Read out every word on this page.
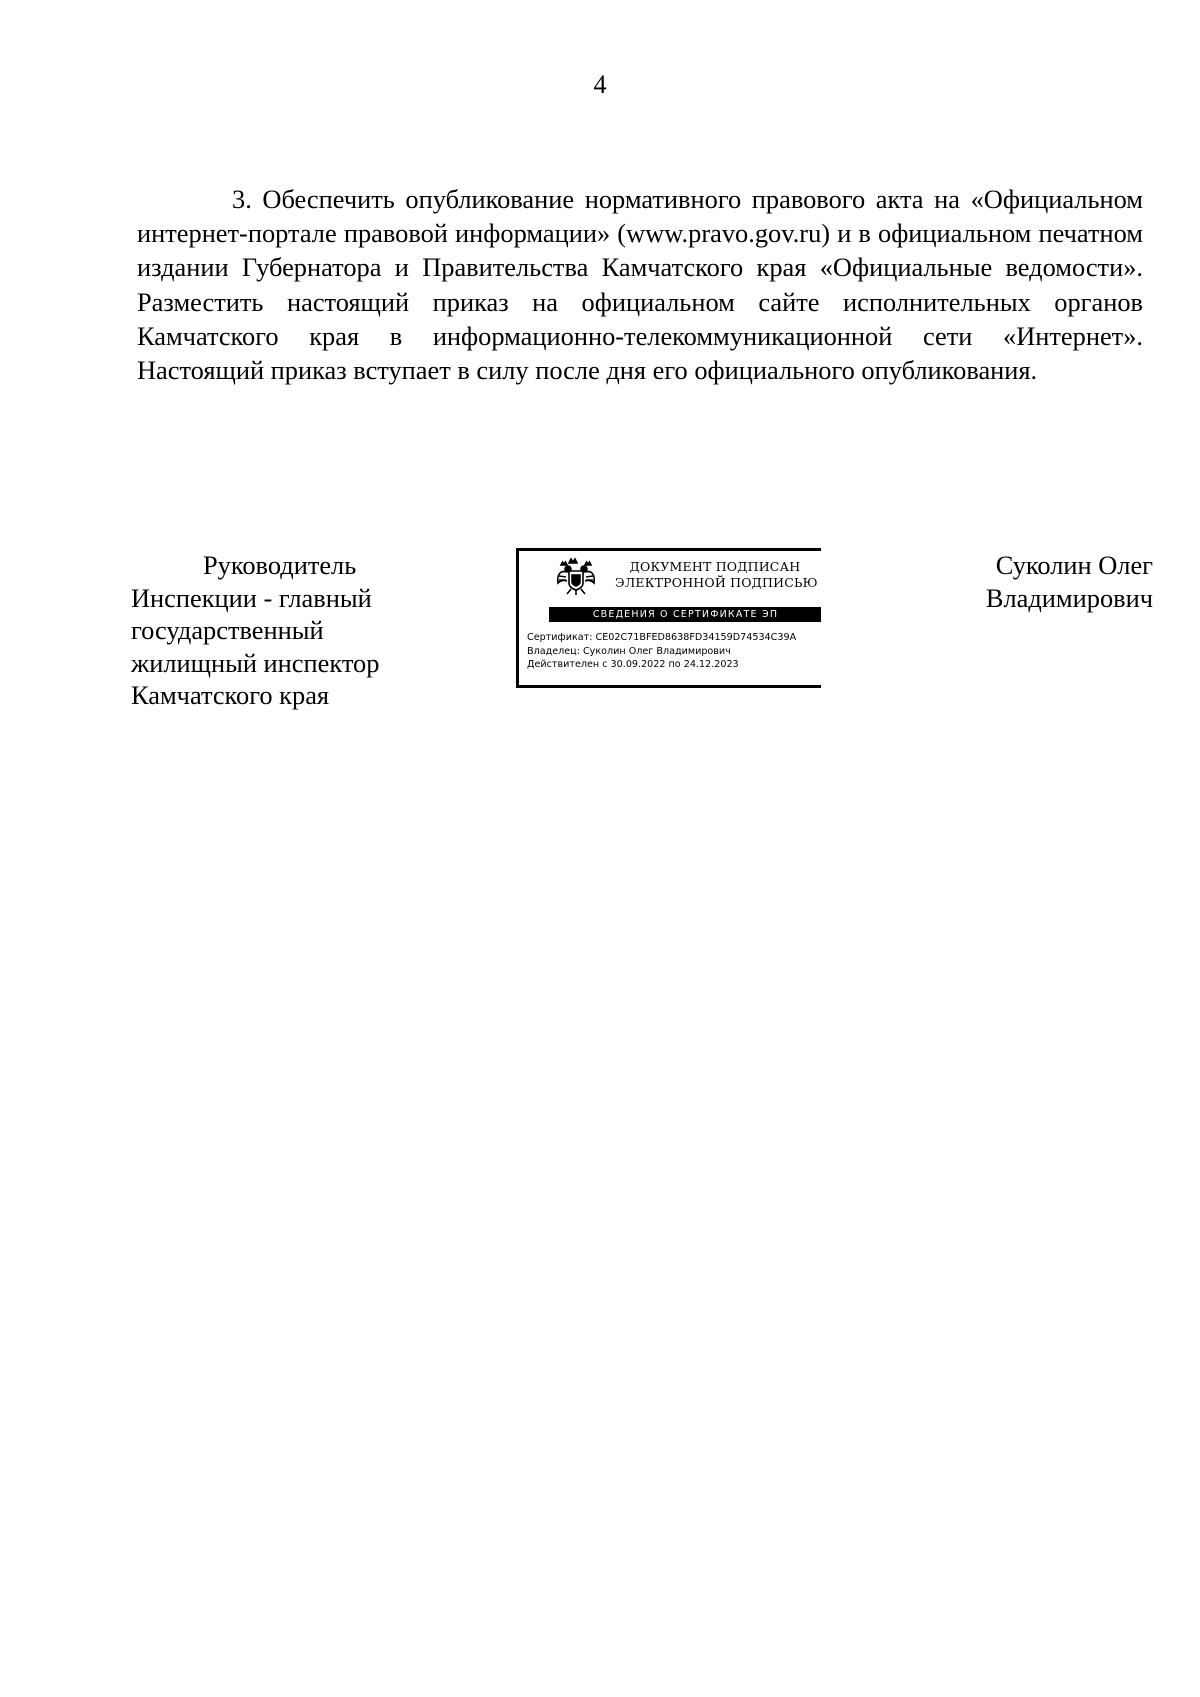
4

3. Обеспечить опубликование нормативного правового акта на «Официальном интернет-портале правовой информации» (www.pravo.gov.ru) и в официальном печатном издании Губернатора и Правительства Камчатского края «Официальные ведомости». Разместить настоящий приказ на официальном сайте исполнительных органов Камчатского края в информационно-телекоммуникационной сети «Интернет». Настоящий приказ вступает в силу после дня его официального опубликования.

Руководитель
Инспекции - главный
государственный
жилищный инспектор
Камчатского края
ДОКУМЕНТ ПОДПИСАН
ЭЛЕКТРОННОЙ ПОДПИСЬЮ
СВЕДЕНИЯ О СЕРТИФИКАТЕ ЭП
Сертификат: CE02C71BFED8638FD34159D74534C39A
Владелец: Суколин Олег Владимирович
Действителен с 30.09.2022 по 24.12.2023
Суколин Олег
Владимирович
